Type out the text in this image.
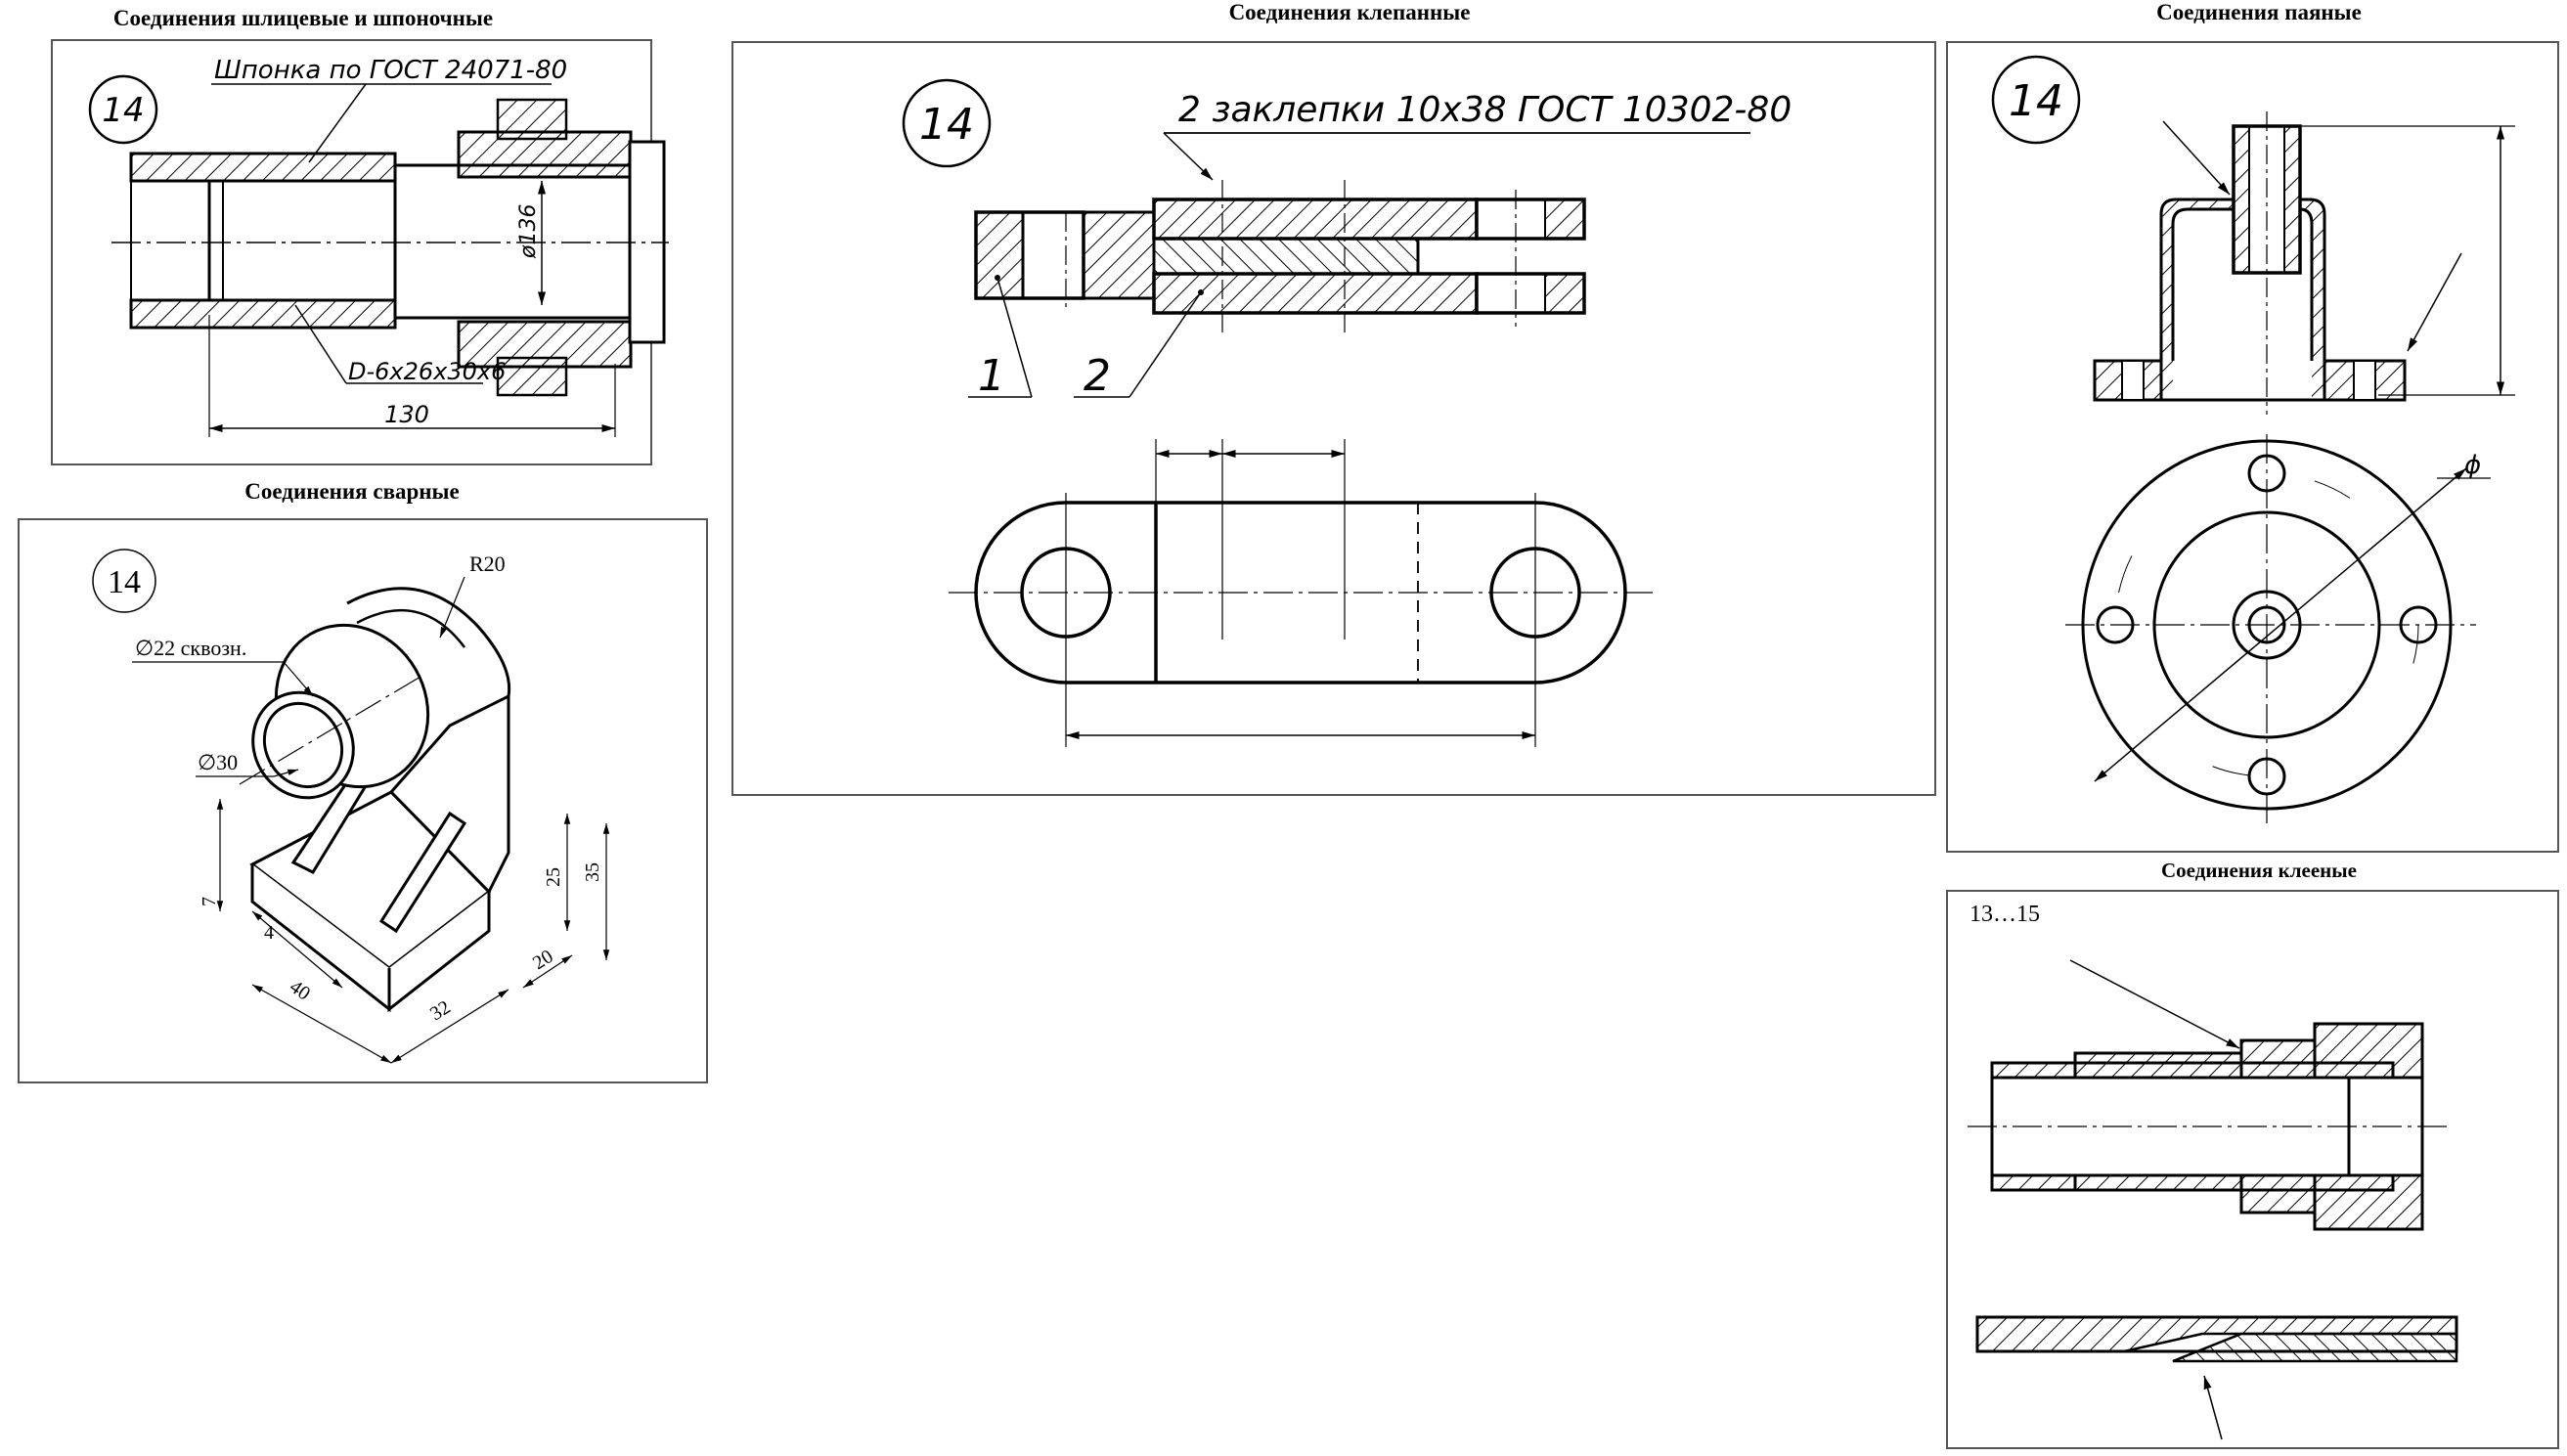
Соединения шлицевые и шпоночные
14
Шпонка по ГОСТ 24071-80
ø136
D-6x26x30x6
130
Соединения сварные
14
R20
∅22 сквозн.
∅30
7
4
40
32
20
25 35
Соединения клепанные
14	2 заклепки 10х38 ГОСТ 10302-80
1 2
Соединения паяные
14
ϕ
Соединения клееные
13…15
